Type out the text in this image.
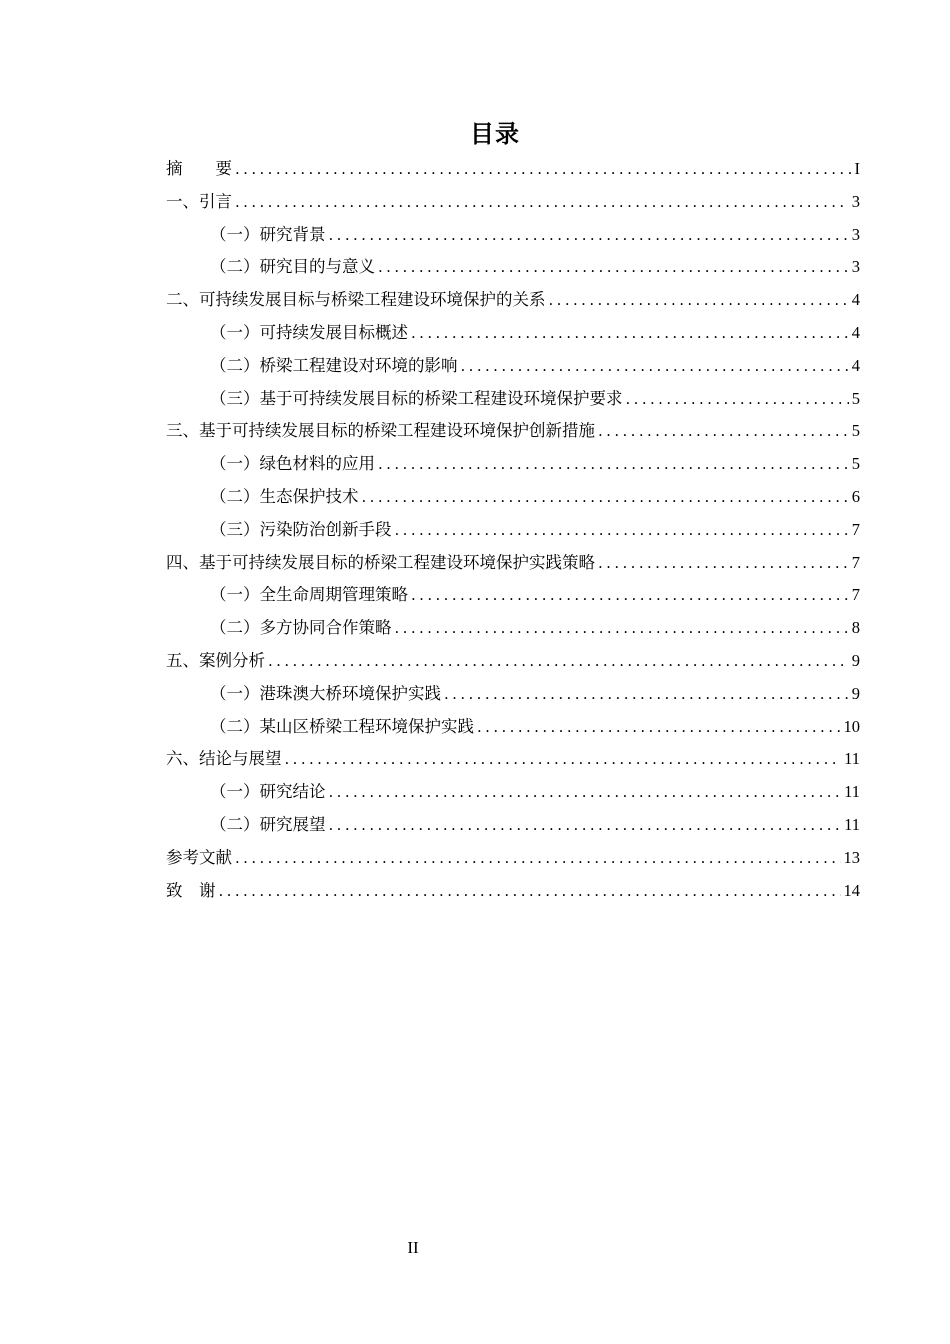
目录
摘　　要 .....	I
一、引言 .....	3
（一）研究背景 .....	3
（二）研究目的与意义 .....	3
二、可持续发展目标与桥梁工程建设环境保护的关系 .....	4
（一）可持续发展目标概述 .....	4
（二）桥梁工程建设对环境的影响 .....	4
（三）基于可持续发展目标的桥梁工程建设环境保护要求 .....	5
三、基于可持续发展目标的桥梁工程建设环境保护创新措施 .....	5
（一）绿色材料的应用 .....	5
（二）生态保护技术 .....	6
（三）污染防治创新手段 .....	7
四、基于可持续发展目标的桥梁工程建设环境保护实践策略 .....	7
（一）全生命周期管理策略 .....	7
（二）多方协同合作策略 .....	8
五、案例分析 .....	9
（一）港珠澳大桥环境保护实践 .....	9
（二）某山区桥梁工程环境保护实践 .....	10
六、结论与展望 .....	11
（一）研究结论 .....	11
（二）研究展望 .....	11
参考文献 .....	13
致　谢 .....	14
II
